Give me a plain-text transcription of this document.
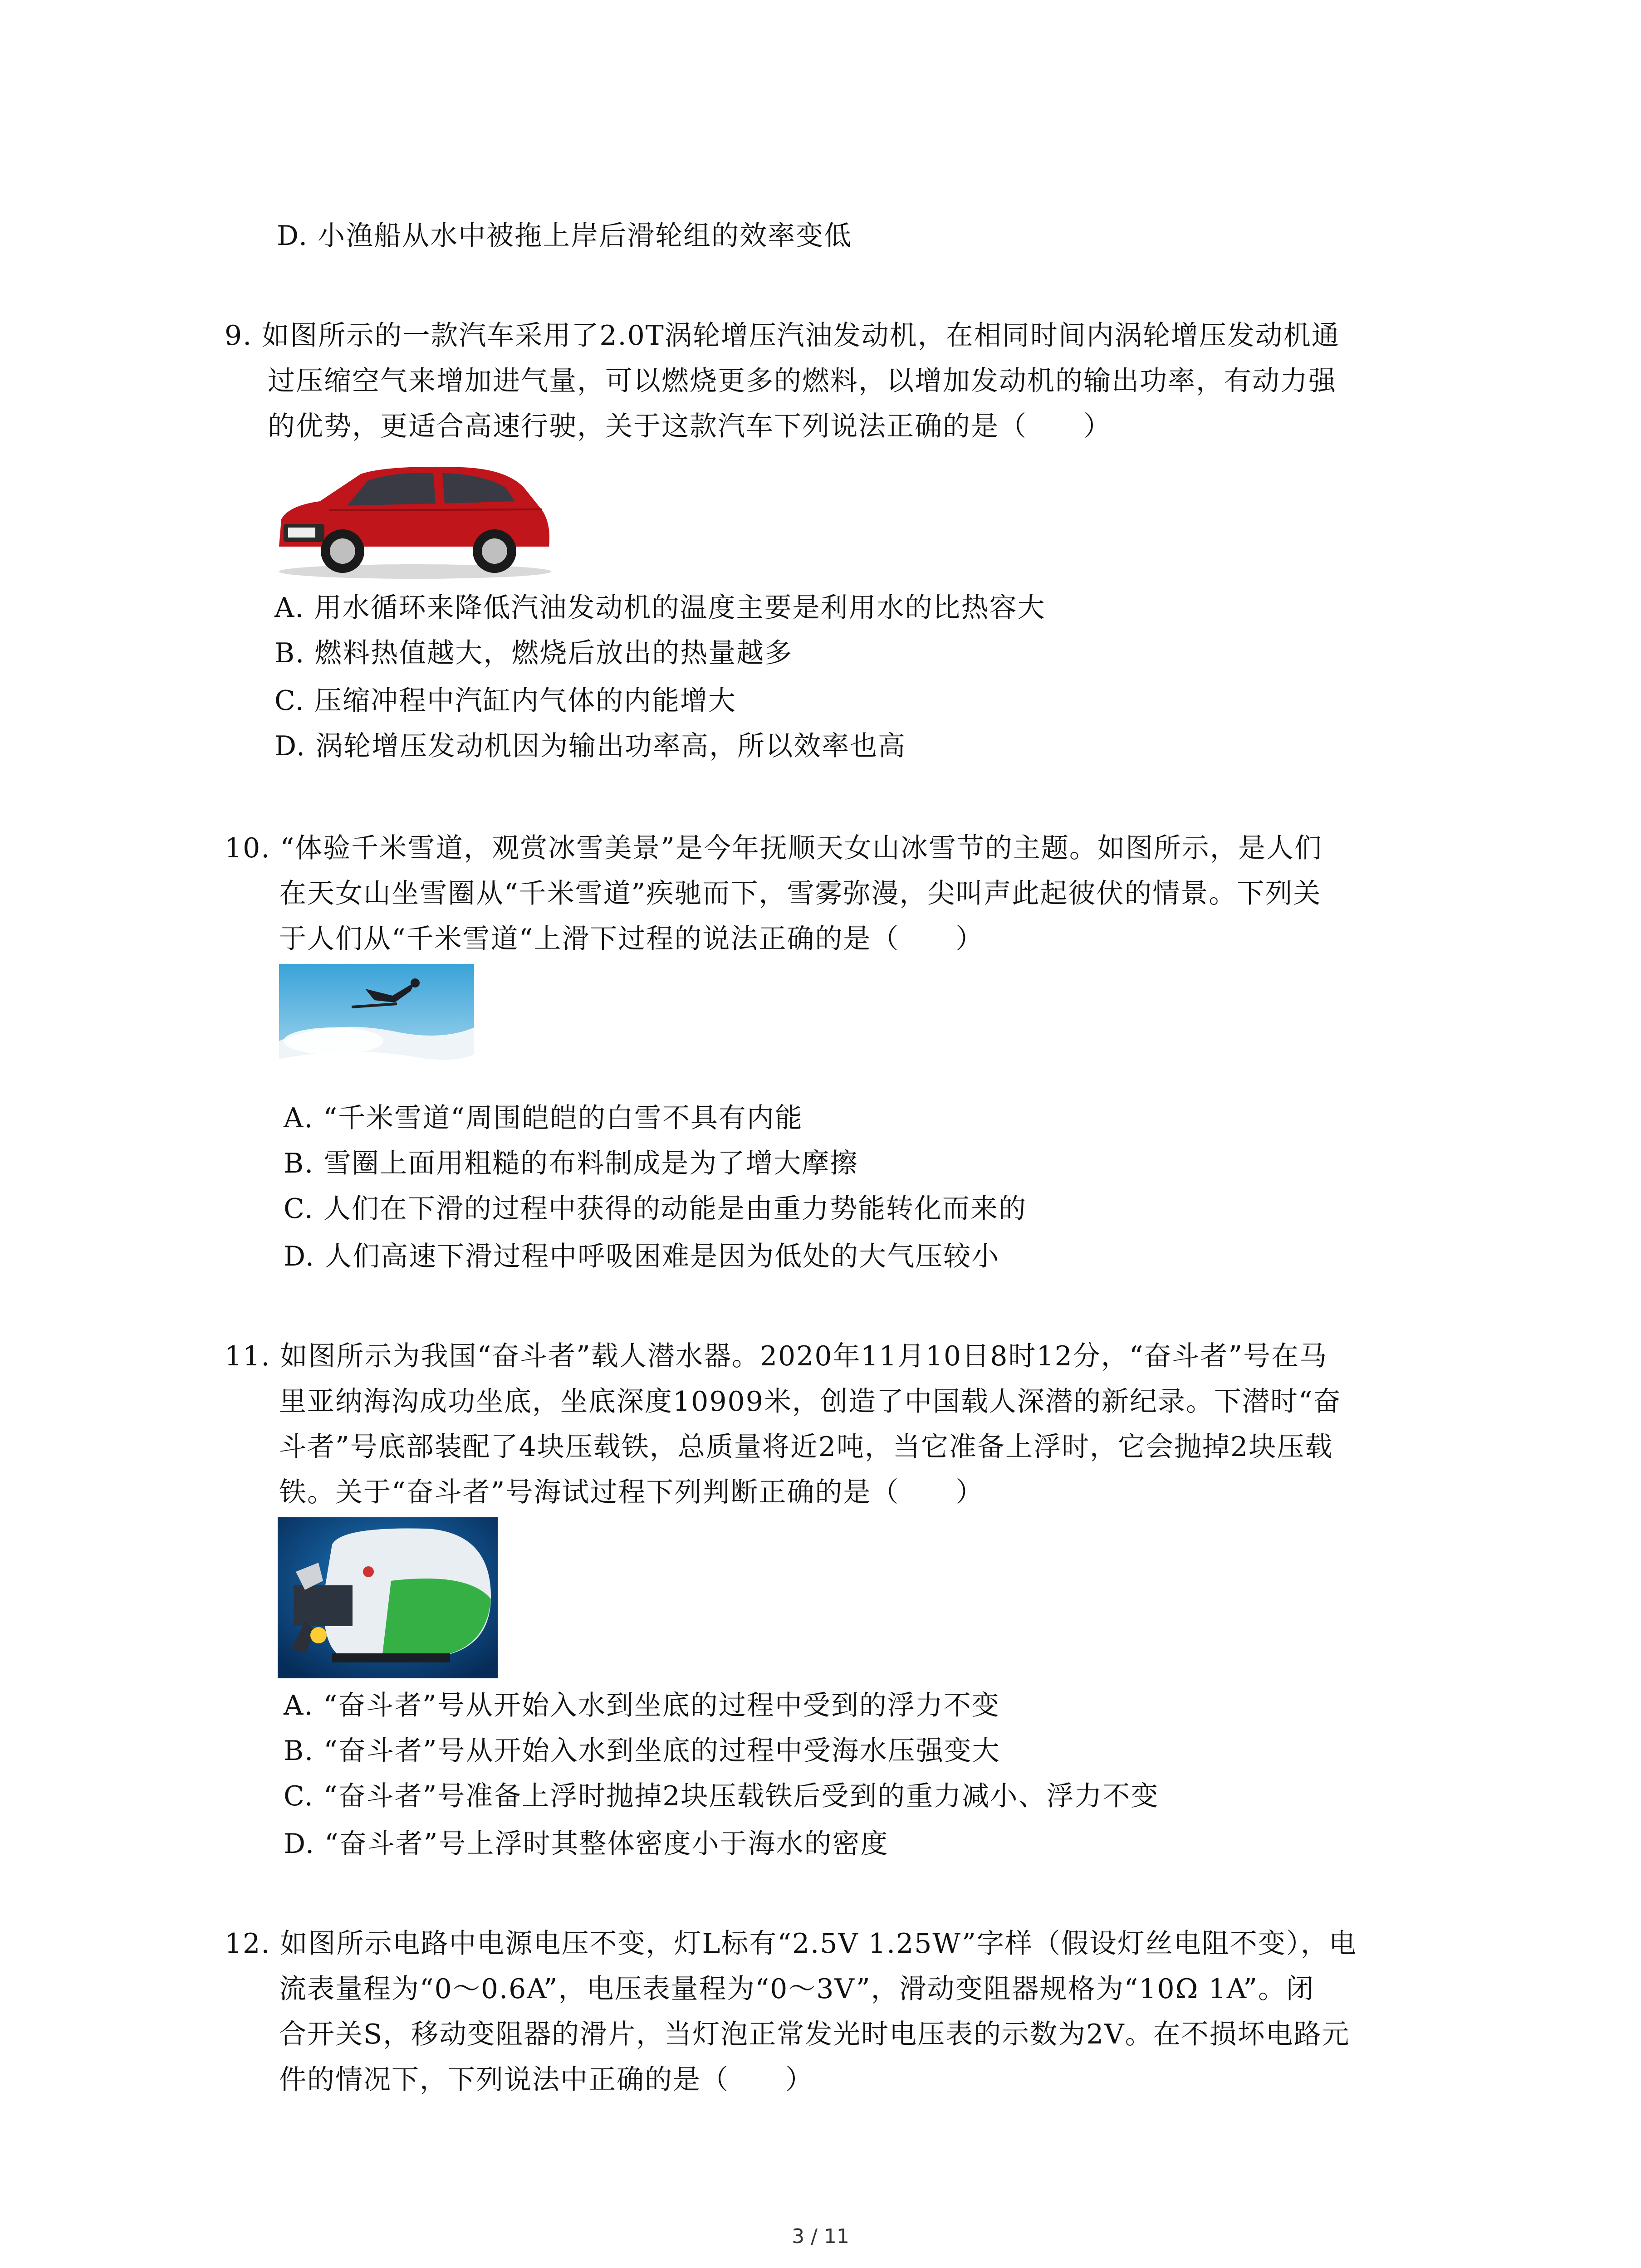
D. 小渔船从水中被拖上岸后滑轮组的效率变低
9. 如图所示的一款汽车采用了2.0T涡轮增压汽油发动机，在相同时间内涡轮增压发动机通
过压缩空气来增加进气量，可以燃烧更多的燃料，以增加发动机的输出功率，有动力强
的优势，更适合高速行驶，关于这款汽车下列说法正确的是（　　）
A. 用水循环来降低汽油发动机的温度主要是利用水的比热容大
B. 燃料热值越大，燃烧后放出的热量越多
C. 压缩冲程中汽缸内气体的内能增大
D. 涡轮增压发动机因为输出功率高，所以效率也高
10. “体验千米雪道，观赏冰雪美景”是今年抚顺天女山冰雪节的主题。如图所示，是人们
在天女山坐雪圈从“千米雪道”疾驰而下，雪雾弥漫，尖叫声此起彼伏的情景。下列关
于人们从“千米雪道“上滑下过程的说法正确的是（　　）
A. “千米雪道“周围皑皑的白雪不具有内能
B. 雪圈上面用粗糙的布料制成是为了增大摩擦
C. 人们在下滑的过程中获得的动能是由重力势能转化而来的
D. 人们高速下滑过程中呼吸困难是因为低处的大气压较小
11. 如图所示为我国“奋斗者”载人潜水器。2020年11月10日8时12分，“奋斗者”号在马
里亚纳海沟成功坐底，坐底深度10909米，创造了中国载人深潜的新纪录。下潜时“奋
斗者”号底部装配了4块压载铁，总质量将近2吨，当它准备上浮时，它会抛掉2块压载
铁。关于“奋斗者”号海试过程下列判断正确的是（　　）
A. “奋斗者”号从开始入水到坐底的过程中受到的浮力不变
B. “奋斗者”号从开始入水到坐底的过程中受海水压强变大
C. “奋斗者”号准备上浮时抛掉2块压载铁后受到的重力减小、浮力不变
D. “奋斗者”号上浮时其整体密度小于海水的密度
12. 如图所示电路中电源电压不变，灯L标有“2.5V 1.25W”字样（假设灯丝电阻不变），电
流表量程为“0～0.6A”，电压表量程为“0～3V”，滑动变阻器规格为“10Ω 1A”。闭
合开关S，移动变阻器的滑片，当灯泡正常发光时电压表的示数为2V。在不损坏电路元
件的情况下，下列说法中正确的是（　　）
3 / 11
